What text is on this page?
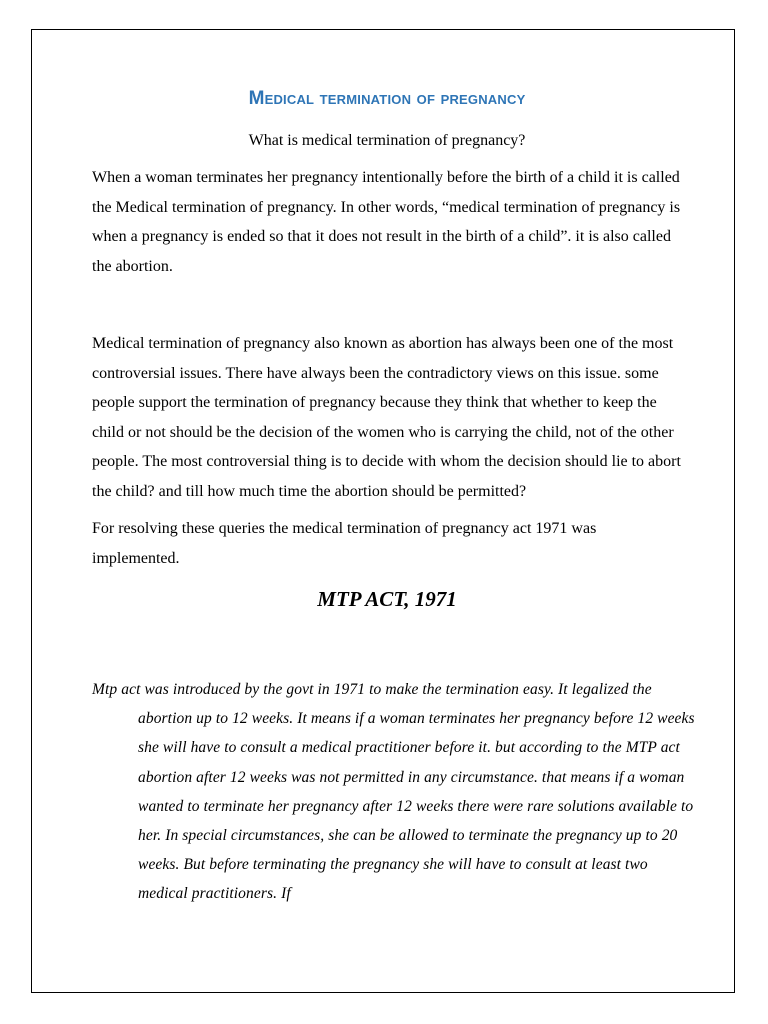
Medical termination of pregnancy

What is medical termination of pregnancy?

When a woman terminates her pregnancy intentionally before the birth of a child it is called the Medical termination of pregnancy. In other words, “medical termination of pregnancy is when a pregnancy is ended so that it does not result in the birth of a child”. it is also called the abortion.

Medical termination of pregnancy also known as abortion has always been one of the most controversial issues. There have always been the contradictory views on this issue. some people support the termination of pregnancy because they think that whether to keep the child or not should be the decision of the women who is carrying the child, not of the other people. The most controversial thing is to decide with whom the decision should lie to abort the child? and till how much time the abortion should be permitted?

For resolving these queries the medical termination of pregnancy act 1971 was implemented.

MTP ACT, 1971

Mtp act was introduced by the govt in 1971 to make the termination easy. It legalized the abortion up to 12 weeks. It means if a woman terminates her pregnancy before 12 weeks she will have to consult a medical practitioner before it. but according to the MTP act abortion after 12 weeks was not permitted in any circumstance. that means if a woman wanted to terminate her pregnancy after 12 weeks there were rare solutions available to her. In special circumstances, she can be allowed to terminate the pregnancy up to 20 weeks. But before terminating the pregnancy she will have to consult at least two medical practitioners. If
